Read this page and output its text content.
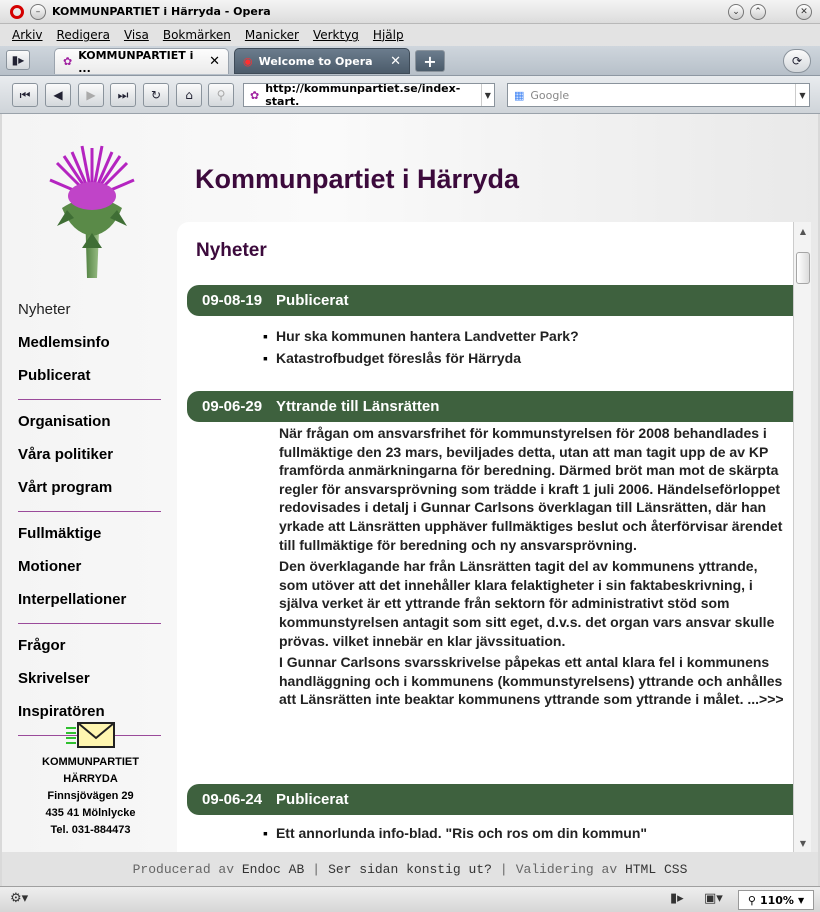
–	KOMMUNPARTIET i Härryda - Opera	⌄	⌃	✕
Arkiv Redigera Visa Bokmärken Manicker Verktyg Hjälp
▮▸	✿ KOMMUNPARTIET i ...	✕ ◉ Welcome to Opera ✕	+	⟳
⏮	◀	▶	⏭	↻	⌂	⚲	✿ http://kommunpartiet.se/index-start.	▼ ▦ Google	▼
Kommunpartiet i Härryda
Nyheter
Medlemsinfo
Publicerat
Organisation
Våra politiker
Vårt program
Fullmäktige
Motioner
Interpellationer
Frågor
Skrivelser
Inspiratören
KOMMUNPARTIET
HÄRRYDA
Finnsjövägen 29
435 41 Mölnlycke
Tel. 031-884473
Nyheter
09-08-19 Publicerat
▪ Hur ska kommunen hantera Landvetter Park?
▪ Katastrofbudget föreslås för Härryda
09-06-29 Yttrande till Länsrätten

När frågan om ansvarsfrihet för kommunstyrelsen för 2008 behandlades i fullmäktige den 23 mars, beviljades detta, utan att man tagit upp de av KP framförda anmärkningarna för beredning. Därmed bröt man mot de skärpta regler för ansvarsprövning som trädde i kraft 1 juli 2006. Händelseförloppet redovisades i detalj i Gunnar Carlsons överklagan till Länsrätten, där han yrkade att Länsrätten upphäver fullmäktiges beslut och återförvisar ärendet till fullmäktige för beredning och ny ansvarsprövning.

Den överklagande har från Länsrätten tagit del av kommunens yttrande, som utöver att det innehåller klara felaktigheter i sin faktabeskrivning, i själva verket är ett yttrande från sektorn för administrativt stöd som kommunstyrelsen antagit som sitt eget, d.v.s. det organ vars ansvar skulle prövas. vilket innebär en klar jävssituation.

I Gunnar Carlsons svarsskrivelse påpekas ett antal klara fel i kommunens handläggning och i kommunens (kommunstyrelsens) yttrande och anhålles att Länsrätten inte beaktar kommunens yttrande som yttrande i målet. ...>>>

09-06-24 Publicerat
▪ Ett annorlunda info-blad. "Ris och ros om din kommun"
▲
▼
Producerad av
Endoc AB | Ser sidan konstig ut? | Validering av
HTML
CSS
⚙▾	▮▸ ▣▾ ⚲ 110% ▼
